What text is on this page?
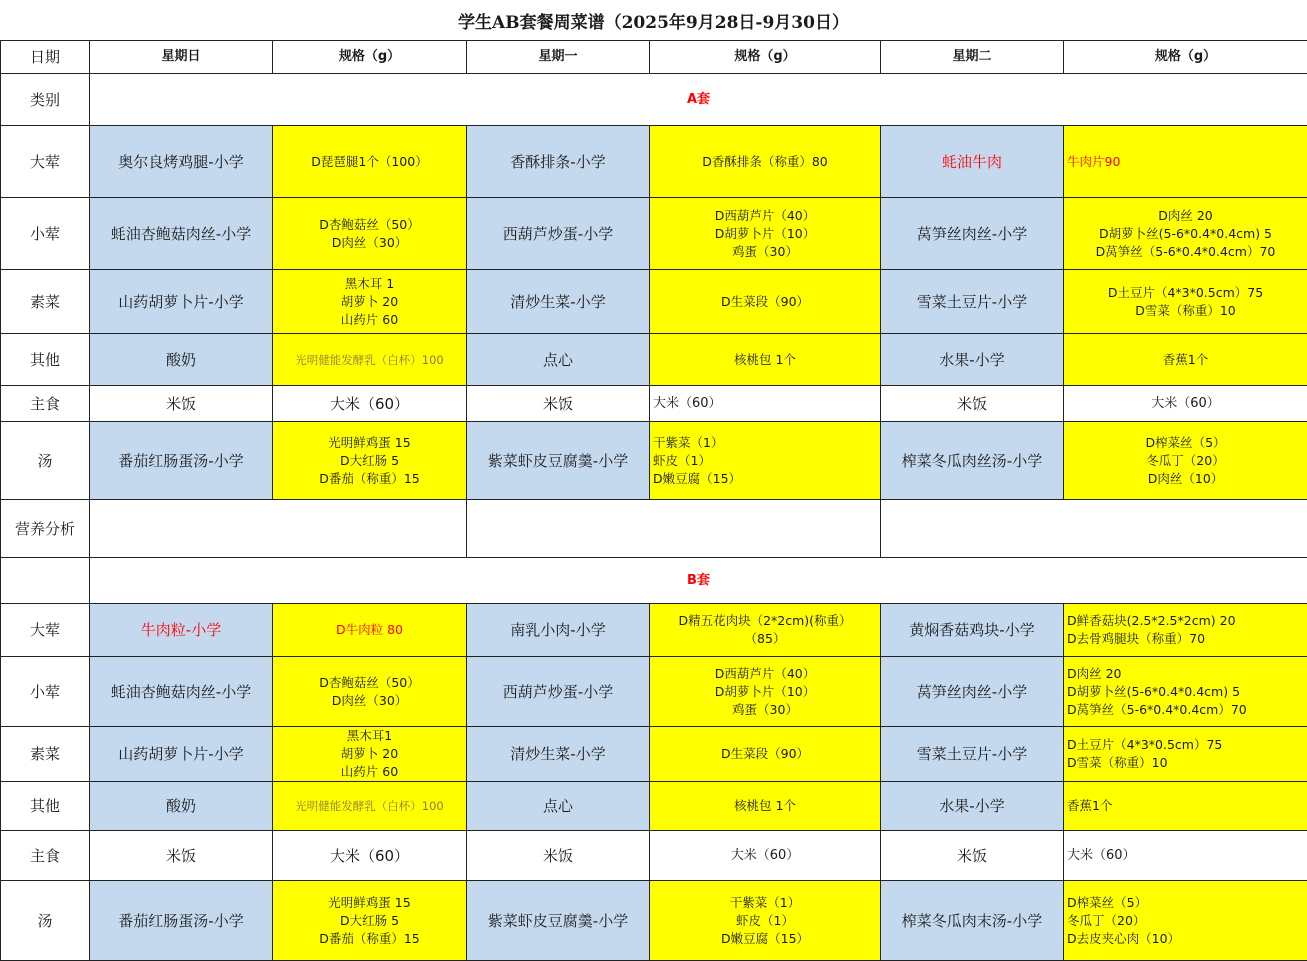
学生AB套餐周菜谱（2025年9月28日-9月30日）
日期	星期日	规格（g）	星期一	规格（g）	星期二	规格（g）
类别	A套					
大荤	奥尔良烤鸡腿-小学	D琵琶腿1个（100）	香酥排条-小学	D香酥排条（称重）80	蚝油牛肉	牛肉片90
小荤	蚝油杏鲍菇肉丝-小学	D杏鲍菇丝（50）
D肉丝（30）	西葫芦炒蛋-小学	D西葫芦片（40）
D胡萝卜片（10）
鸡蛋（30）	莴笋丝肉丝-小学	D肉丝 20
D胡萝卜丝(5-6*0.4*0.4cm) 5
D莴笋丝（5-6*0.4*0.4cm）70
素菜	山药胡萝卜片-小学	黑木耳 1
胡萝卜 20
山药片 60	清炒生菜-小学	D生菜段（90）	雪菜土豆片-小学	D土豆片（4*3*0.5cm）75
D雪菜（称重）10
其他	酸奶	光明健能发酵乳（白杯）100	点心	核桃包 1个	水果-小学	香蕉1个
主食	米饭	大米（60）	米饭	大米（60）	米饭	大米（60）
汤	番茄红肠蛋汤-小学	光明鲜鸡蛋 15
D大红肠 5
D番茄（称重）15	紫菜虾皮豆腐羹-小学	干紫菜（1）
虾皮（1）
D嫩豆腐（15）	榨菜冬瓜肉丝汤-小学	D榨菜丝（5）
冬瓜丁（20）
D肉丝（10）
营养分析						
	B套					
大荤	牛肉粒-小学	D牛肉粒 80	南乳小肉-小学	D精五花肉块（2*2cm)(称重）
（85）	黄焖香菇鸡块-小学	D鲜香菇块(2.5*2.5*2cm) 20
D去骨鸡腿块（称重）70
小荤	蚝油杏鲍菇肉丝-小学	D杏鲍菇丝（50）
D肉丝（30）	西葫芦炒蛋-小学	D西葫芦片（40）
D胡萝卜片（10）
鸡蛋（30）	莴笋丝肉丝-小学	D肉丝 20
D胡萝卜丝(5-6*0.4*0.4cm) 5
D莴笋丝（5-6*0.4*0.4cm）70
素菜	山药胡萝卜片-小学	黑木耳1
胡萝卜 20
山药片 60	清炒生菜-小学	D生菜段（90）	雪菜土豆片-小学	D土豆片（4*3*0.5cm）75
D雪菜（称重）10
其他	酸奶	光明健能发酵乳（白杯）100	点心	核桃包 1个	水果-小学	香蕉1个
主食	米饭	大米（60）	米饭	大米（60）	米饭	大米（60）
汤	番茄红肠蛋汤-小学	光明鲜鸡蛋 15
D大红肠 5
D番茄（称重）15	紫菜虾皮豆腐羹-小学	干紫菜（1）
虾皮（1）
D嫩豆腐（15）	榨菜冬瓜肉末汤-小学	D榨菜丝（5）
冬瓜丁（20）
D去皮夹心肉（10）
